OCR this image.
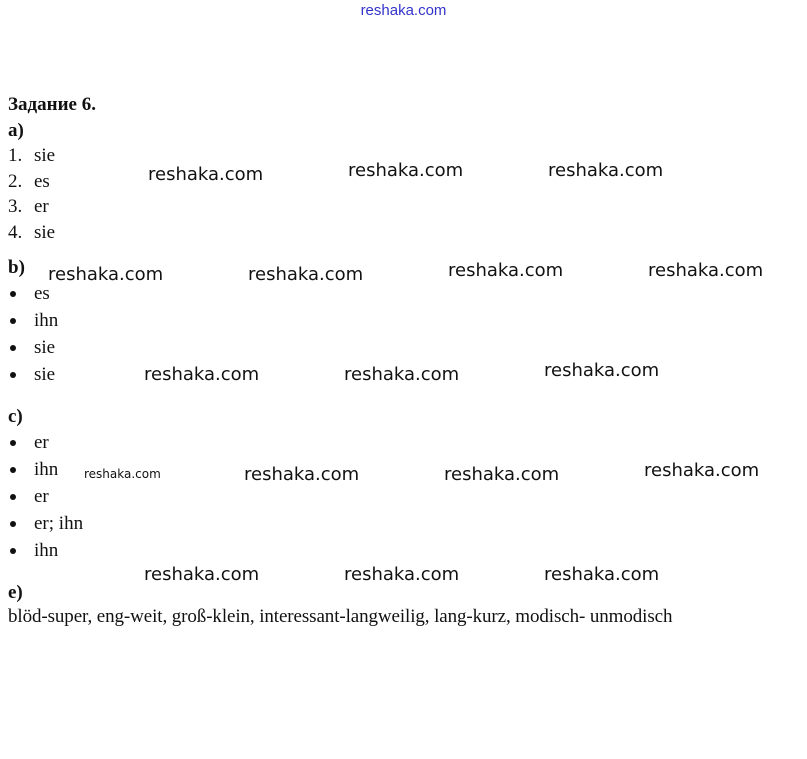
reshaka.com
Задание 6.
a)
1. sie
2. es
3. er
4. sie
b)
es
ihn
sie
sie
c)
er
ihn
er
er; ihn
ihn
e)
blöd-super, eng-weit, groß-klein, interessant-langweilig, lang-kurz, modisch- unmodisch
reshaka.com	reshaka.com	reshaka.com
reshaka.com	reshaka.com	reshaka.com	reshaka.com
reshaka.com	reshaka.com	reshaka.com
reshaka.com	reshaka.com	reshaka.com	reshaka.com
reshaka.com	reshaka.com	reshaka.com
